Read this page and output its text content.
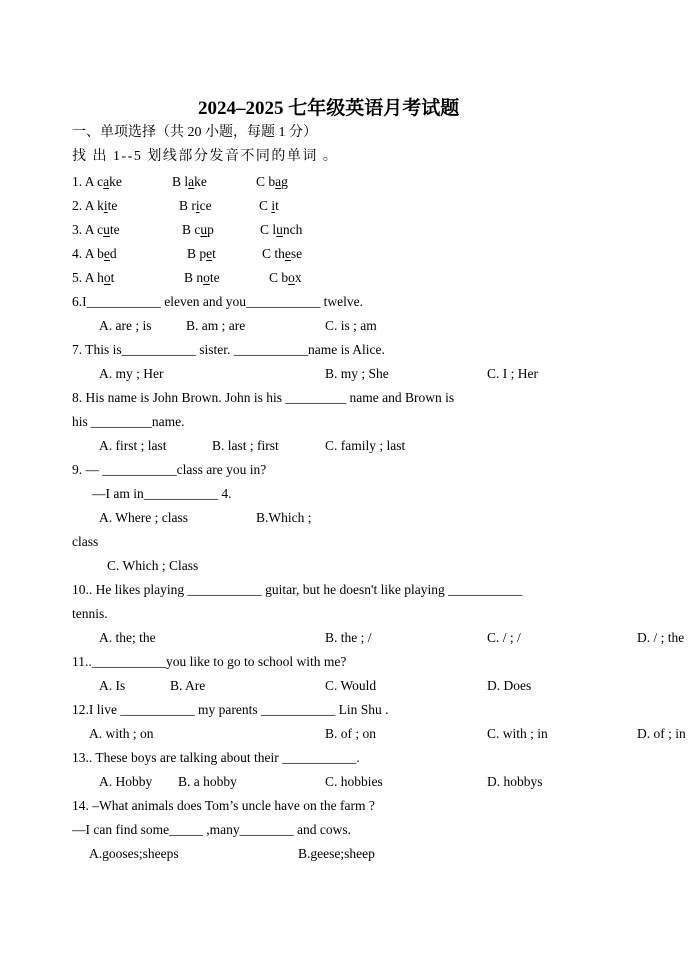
2024–2025 七年级英语月考试题
一、单项选择（共 20 小题，每题 1 分）
找 出 1--5 划线部分发音不同的单词 。
1. A cake	B lake	C bag
2. A kite	B rice	C it
3. A cute	B cup	C lunch
4. A bed	B pet	C these
5. A hot	B note	C box
6.I___________ eleven and you___________ twelve.
A. are ; is	B. am ; are	C. is ; am
7. This is___________ sister. ___________name is Alice.
A. my ; Her	B. my ; She	C. I ; Her
8. His name is John Brown. John is his _________ name and Brown is
his _________name.
A. first ; last	B. last ; first	C. family ; last
9. — ___________class are you in?
—I am in___________ 4.
A. Where ; class	B.Which ;
class
C. Which ; Class
10.. He likes playing ___________ guitar, but he doesn't like playing ___________
tennis.
A. the; the	B. the ; /	C. / ; /	D. / ; the
11..___________you like to go to school with me?
A. Is	B. Are	C. Would	D. Does
12.I live ___________ my parents ___________ Lin Shu .
A. with ; on	B. of ; on	C. with ; in	D. of ; in
13.. These boys are talking about their ___________.
A. Hobby B. a hobby	C. hobbies	D. hobbys
14. –What animals does Tom’s uncle have on the farm ?
—I can find some_____ ,many________ and cows.
A.gooses;sheeps	B.geese;sheep
